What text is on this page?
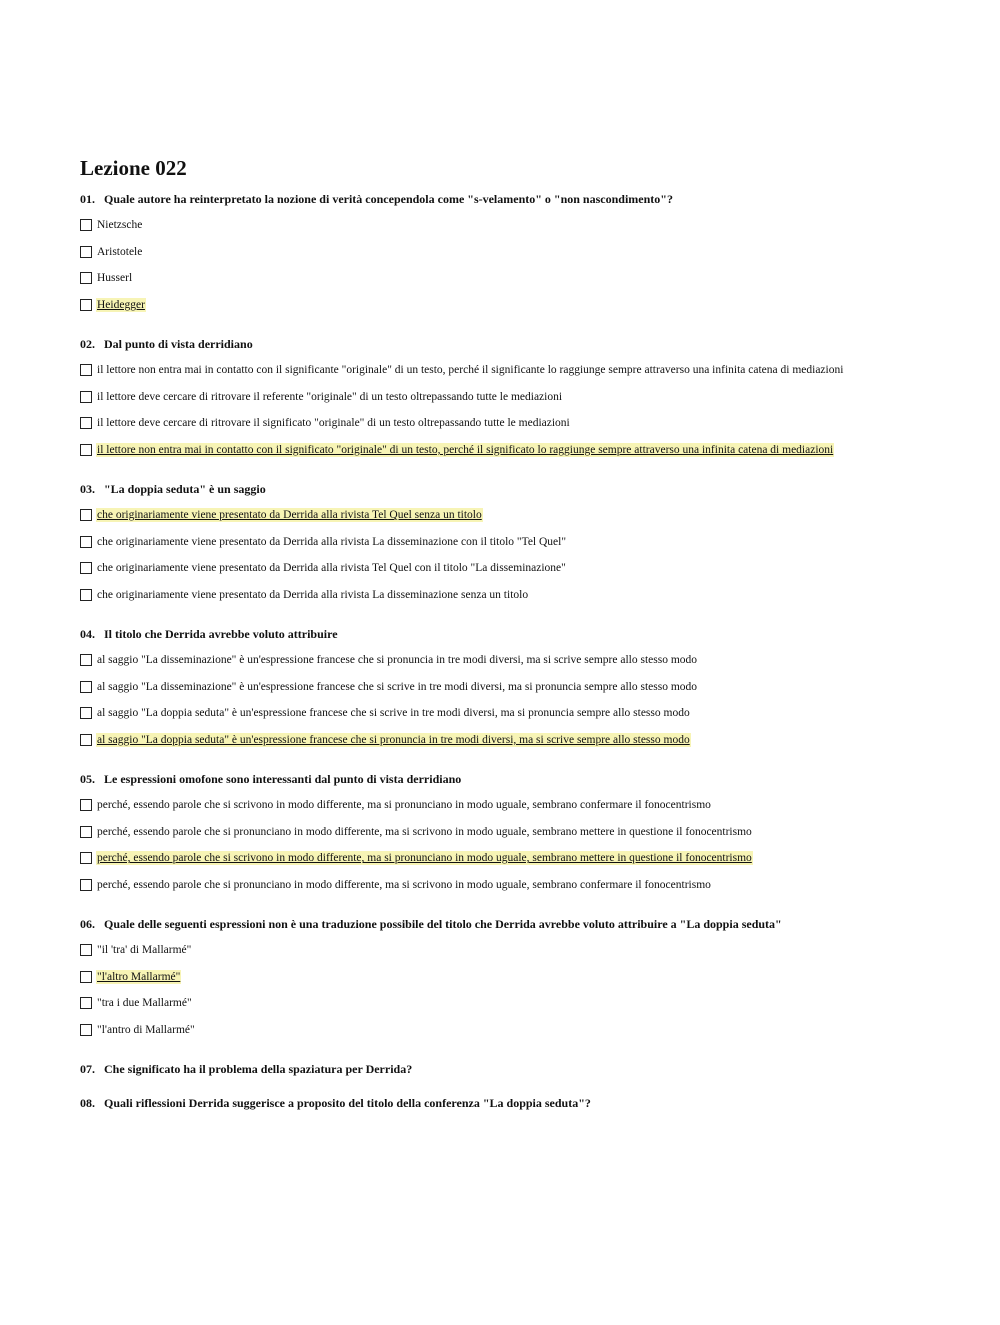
Lezione 022
01. Quale autore ha reinterpretato la nozione di verità concependola come "s-velamento" o "non nascondimento"?
Nietzsche
Aristotele
Husserl
Heidegger
02. Dal punto di vista derridiano
il lettore non entra mai in contatto con il significante "originale" di un testo, perché il significante lo raggiunge sempre attraverso una infinita catena di mediazioni
il lettore deve cercare di ritrovare il referente "originale" di un testo oltrepassando tutte le mediazioni
il lettore deve cercare di ritrovare il significato "originale" di un testo oltrepassando tutte le mediazioni
il lettore non entra mai in contatto con il significato "originale" di un testo, perché il significato lo raggiunge sempre attraverso una infinita catena di mediazioni
03. "La doppia seduta" è un saggio
che originariamente viene presentato da Derrida alla rivista Tel Quel senza un titolo
che originariamente viene presentato da Derrida alla rivista La disseminazione con il titolo "Tel Quel"
che originariamente viene presentato da Derrida alla rivista Tel Quel con il titolo "La disseminazione"
che originariamente viene presentato da Derrida alla rivista La disseminazione senza un titolo
04. Il titolo che Derrida avrebbe voluto attribuire
al saggio "La disseminazione" è un'espressione francese che si pronuncia in tre modi diversi, ma si scrive sempre allo stesso modo
al saggio "La disseminazione" è un'espressione francese che si scrive in tre modi diversi, ma si pronuncia sempre allo stesso modo
al saggio "La doppia seduta" è un'espressione francese che si scrive in tre modi diversi, ma si pronuncia sempre allo stesso modo
al saggio "La doppia seduta" è un'espressione francese che si pronuncia in tre modi diversi, ma si scrive sempre allo stesso modo
05. Le espressioni omofone sono interessanti dal punto di vista derridiano
perché, essendo parole che si scrivono in modo differente, ma si pronunciano in modo uguale, sembrano confermare il fonocentrismo
perché, essendo parole che si pronunciano in modo differente, ma si scrivono in modo uguale, sembrano mettere in questione il fonocentrismo
perché, essendo parole che si scrivono in modo differente, ma si pronunciano in modo uguale, sembrano mettere in questione il fonocentrismo
perché, essendo parole che si pronunciano in modo differente, ma si scrivono in modo uguale, sembrano confermare il fonocentrismo
06. Quale delle seguenti espressioni non è una traduzione possibile del titolo che Derrida avrebbe voluto attribuire a "La doppia seduta"
"il 'tra' di Mallarmé"
"l'altro Mallarmé"
"tra i due Mallarmé"
"l'antro di Mallarmé"
07. Che significato ha il problema della spaziatura per Derrida?
08. Quali riflessioni Derrida suggerisce a proposito del titolo della conferenza "La doppia seduta"?
